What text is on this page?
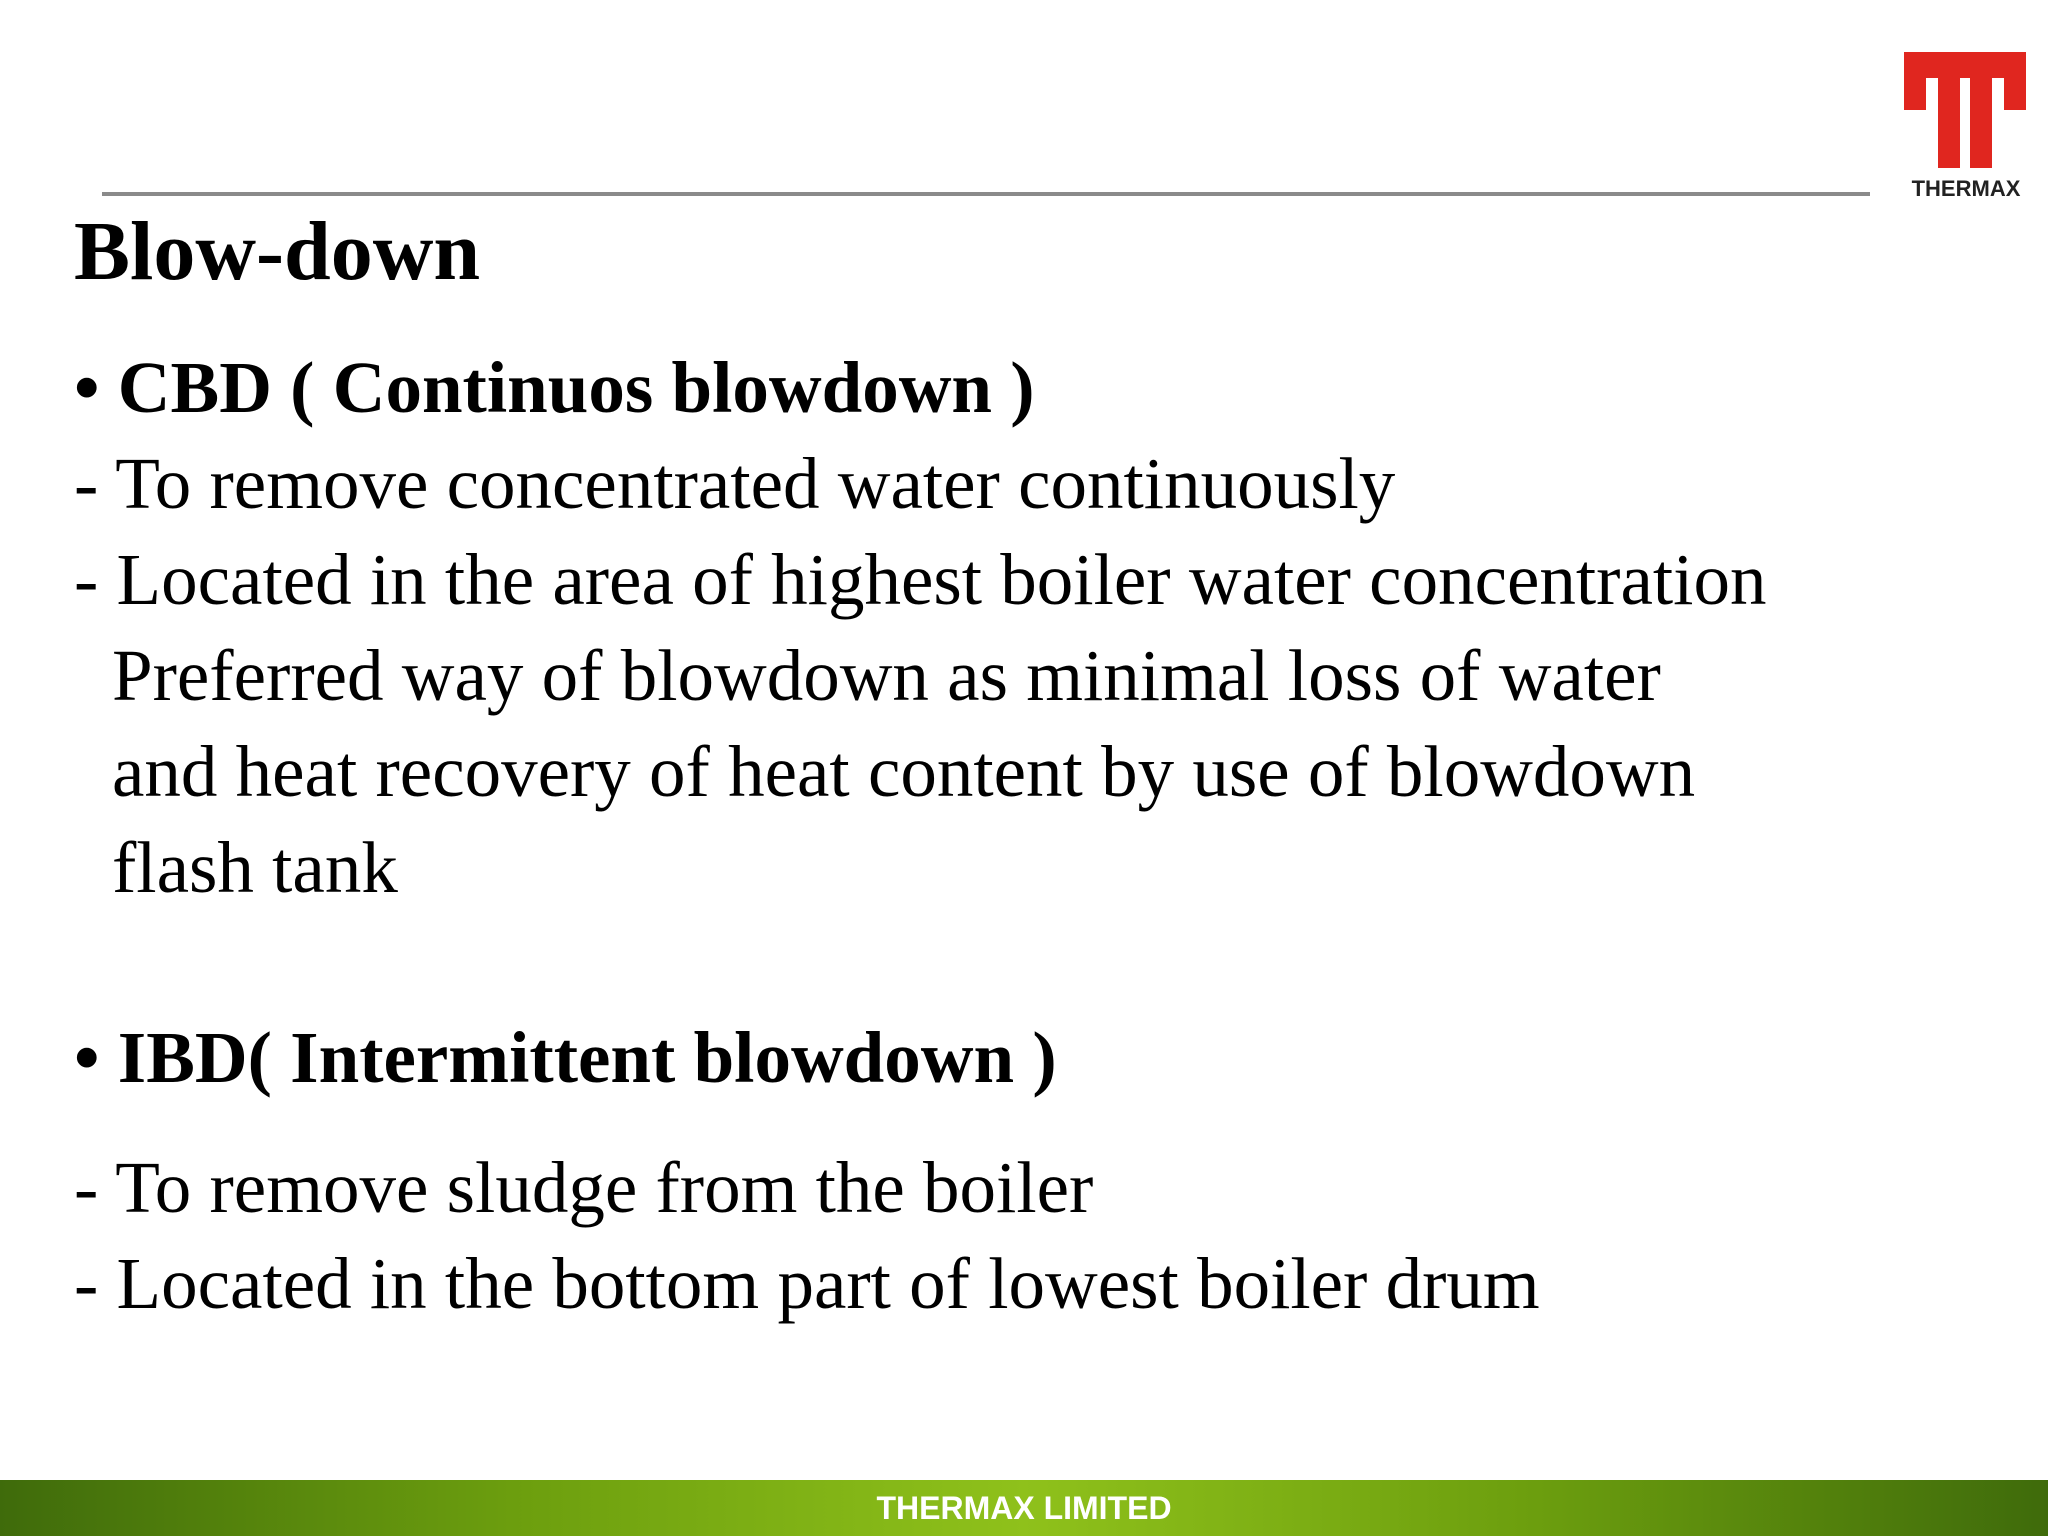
THERMAX
Blow-down

• CBD ( Continuos blowdown )

- To remove concentrated water continuously

- Located in the area of highest boiler water concentration

Preferred way of blowdown as minimal loss of water

and heat recovery of heat content by use of blowdown

flash tank

• IBD( Intermittent blowdown )

- To remove sludge from the boiler

- Located in the bottom part of lowest boiler drum

THERMAX LIMITED
